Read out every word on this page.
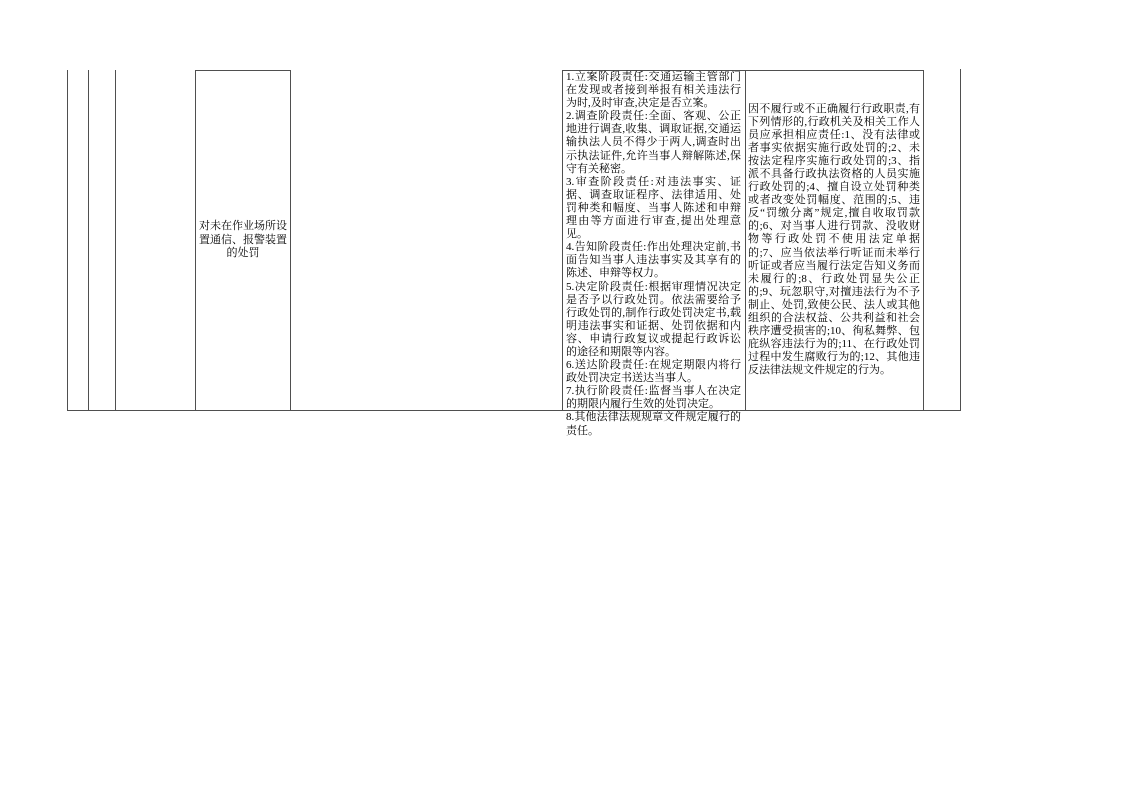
对未在作业场所设置通信、报警装置的处罚

1.立案阶段责任:交通运输主管部门在发现或者接到举报有相关违法行为时,及时审查,决定是否立案。

2.调查阶段责任:全面、客观、公正地进行调查,收集、调取证据,交通运输执法人员不得少于两人,调查时出示执法证件,允许当事人辩解陈述,保守有关秘密。

3.审查阶段责任:对违法事实、证据、调查取证程序、法律适用、处罚种类和幅度、当事人陈述和申辩理由等方面进行审查,提出处理意见。

4.告知阶段责任:作出处理决定前,书面告知当事人违法事实及其享有的陈述、申辩等权力。

5.决定阶段责任:根据审理情况决定是否予以行政处罚。依法需要给予行政处罚的,制作行政处罚决定书,载明违法事实和证据、处罚依据和内容、申请行政复议或提起行政诉讼的途径和期限等内容。

6.送达阶段责任:在规定期限内将行政处罚决定书送达当事人。

7.执行阶段责任:监督当事人在决定的期限内履行生效的处罚决定。

8.其他法律法规规章文件规定履行的责任。

因不履行或不正确履行行政职责,有下列情形的,行政机关及相关工作人员应承担相应责任:1、没有法律或者事实依据实施行政处罚的;2、未按法定程序实施行政处罚的;3、指派不具备行政执法资格的人员实施行政处罚的;4、擅自设立处罚种类或者改变处罚幅度、范围的;5、违反“罚缴分离”规定,擅自收取罚款的;6、对当事人进行罚款、没收财物等行政处罚不使用法定单据的;7、应当依法举行听证而未举行听证或者应当履行法定告知义务而未履行的;8、行政处罚显失公正的;9、玩忽职守,对擅违法行为不予制止、处罚,致使公民、法人或其他组织的合法权益、公共利益和社会秩序遭受损害的;10、徇私舞弊、包庇纵容违法行为的;11、在行政处罚过程中发生腐败行为的;12、其他违反法律法规文件规定的行为。
